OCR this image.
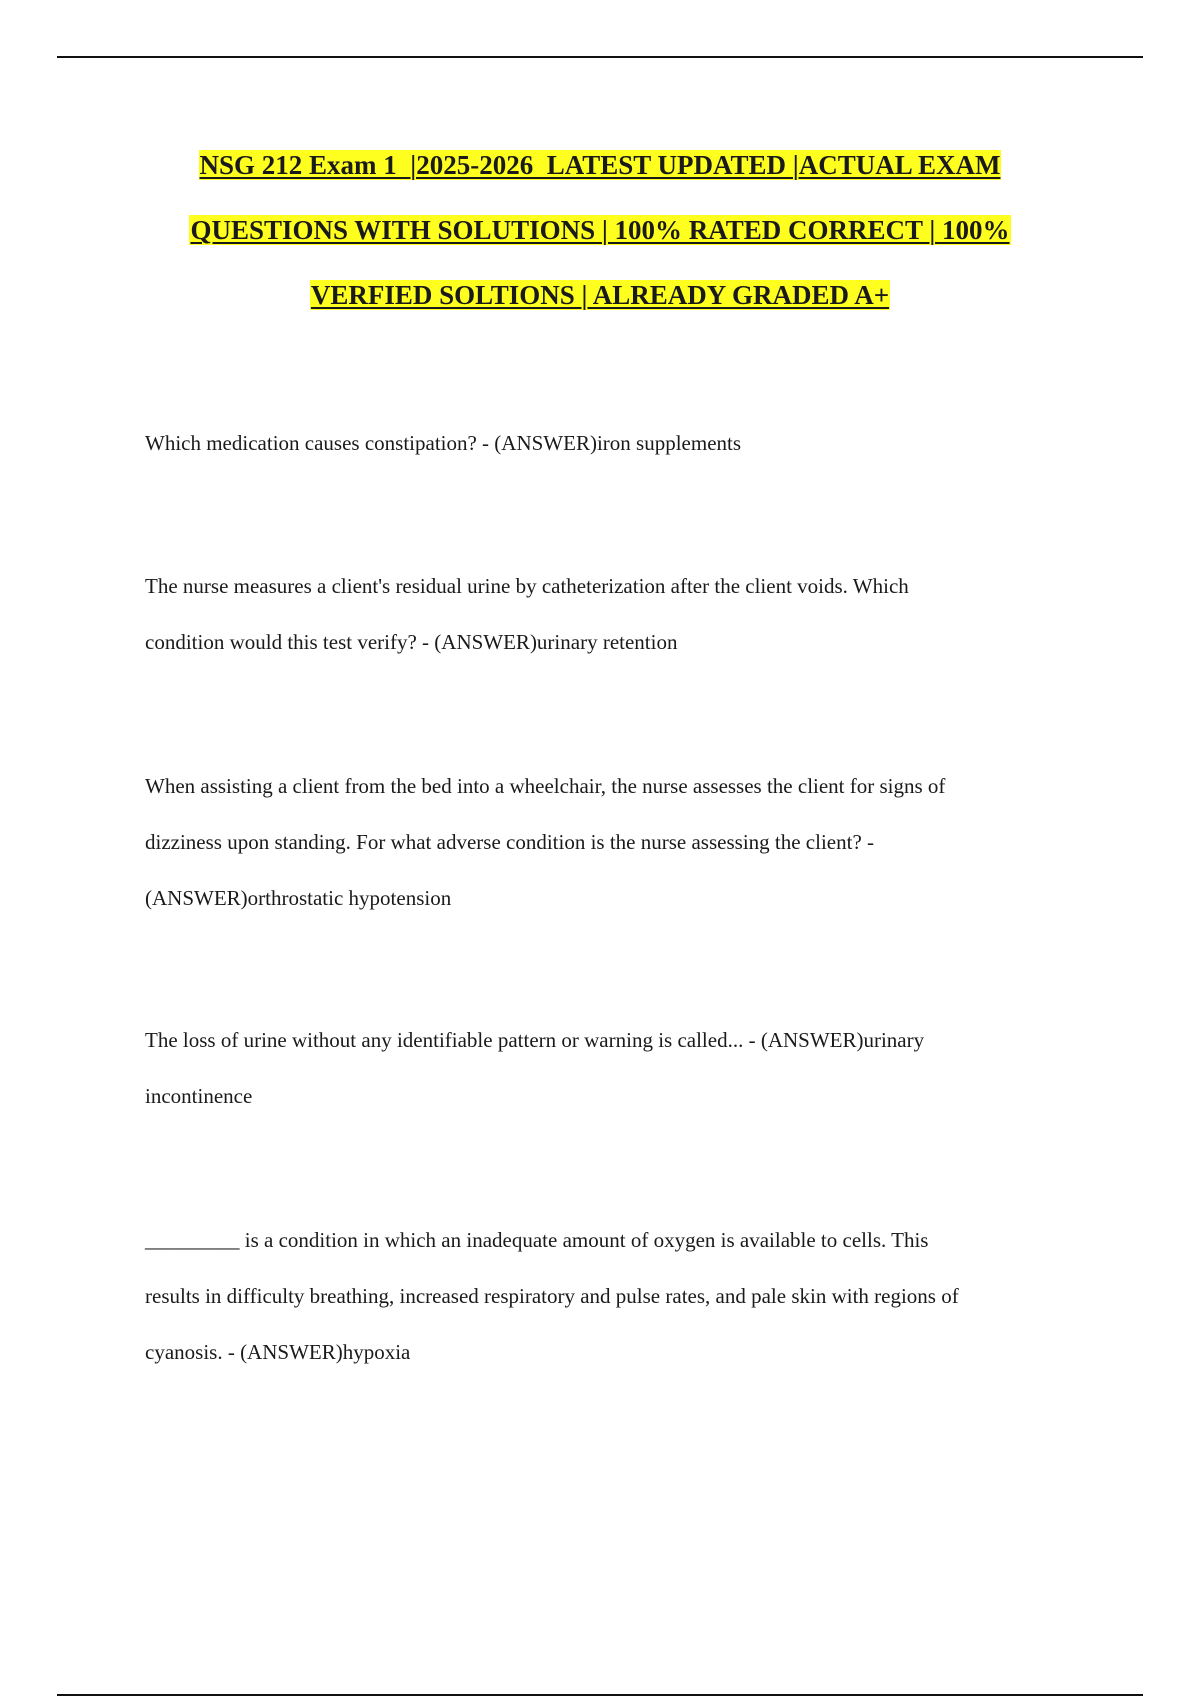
NSG 212 Exam 1  |2025-2026  LATEST UPDATED |ACTUAL EXAM
QUESTIONS WITH SOLUTIONS | 100% RATED CORRECT | 100%
VERFIED SOLTIONS | ALREADY GRADED A+

Which medication causes constipation? - (ANSWER)iron supplements

The nurse measures a client's residual urine by catheterization after the client voids. Which
condition would this test verify? - (ANSWER)urinary retention

When assisting a client from the bed into a wheelchair, the nurse assesses the client for signs of
dizziness upon standing. For what adverse condition is the nurse assessing the client? -
(ANSWER)orthrostatic hypotension

The loss of urine without any identifiable pattern or warning is called... - (ANSWER)urinary
incontinence

_________ is a condition in which an inadequate amount of oxygen is available to cells. This
results in difficulty breathing, increased respiratory and pulse rates, and pale skin with regions of
cyanosis. - (ANSWER)hypoxia
